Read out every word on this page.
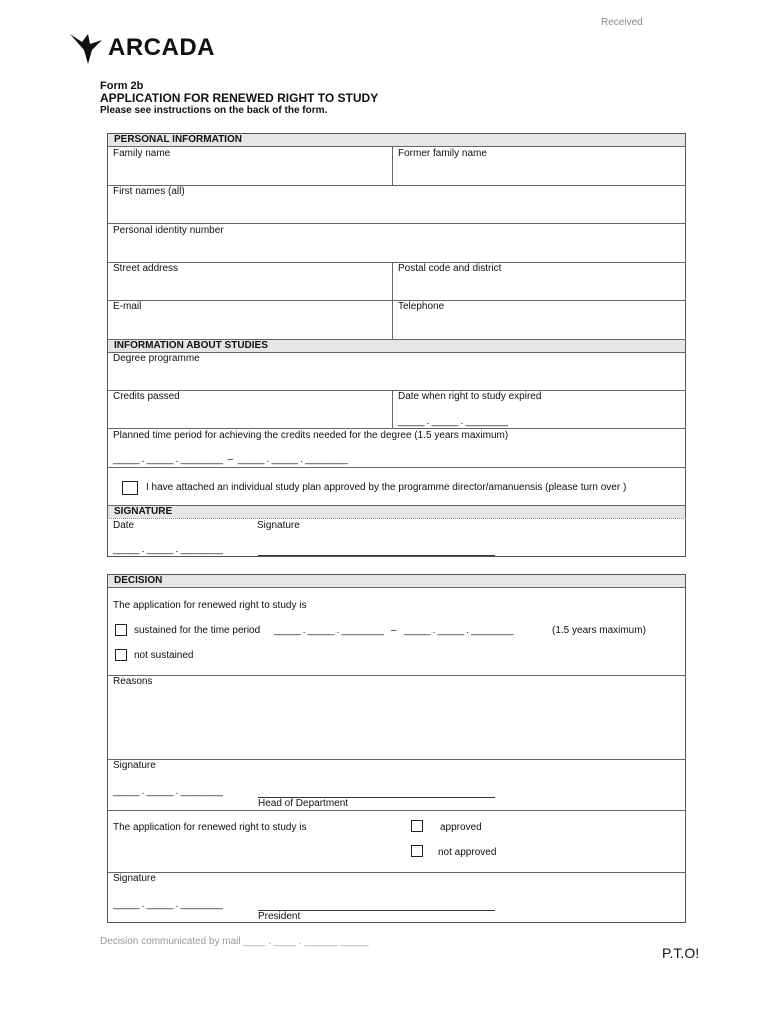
Received
ARCADA
Form 2b
APPLICATION FOR RENEWED RIGHT TO STUDY
Please see instructions on the back of the form.
PERSONAL INFORMATION
Family name	Former family name
First names (all)
Personal identity number
Street address	Postal code and district
E-mail	Telephone
INFORMATION ABOUT STUDIES
Degree programme
Credits passed	Date when right to study expired
_____ . _____ . ________
Planned time period for achieving the credits needed for the degree (1.5 years maximum)
_____ . _____ . ________  –  _____ . _____ . ________
I have attached an individual study plan approved by the programme director/amanuensis (please turn over )
SIGNATURE
Date	Signature
_____ . _____ . ________
DECISION
The application for renewed right to study is
sustained for the time period _____ . _____ . ________   –   _____ . _____ . ________	(1.5 years maximum)
not sustained
Reasons
Signature
_____ . _____ . ________
Head of Department
The application for renewed right to study is	approved
not approved
Signature
_____ . _____ . ________
President
Decision communicated by mail ____ . ____ . ______ _____
P.T.O!
